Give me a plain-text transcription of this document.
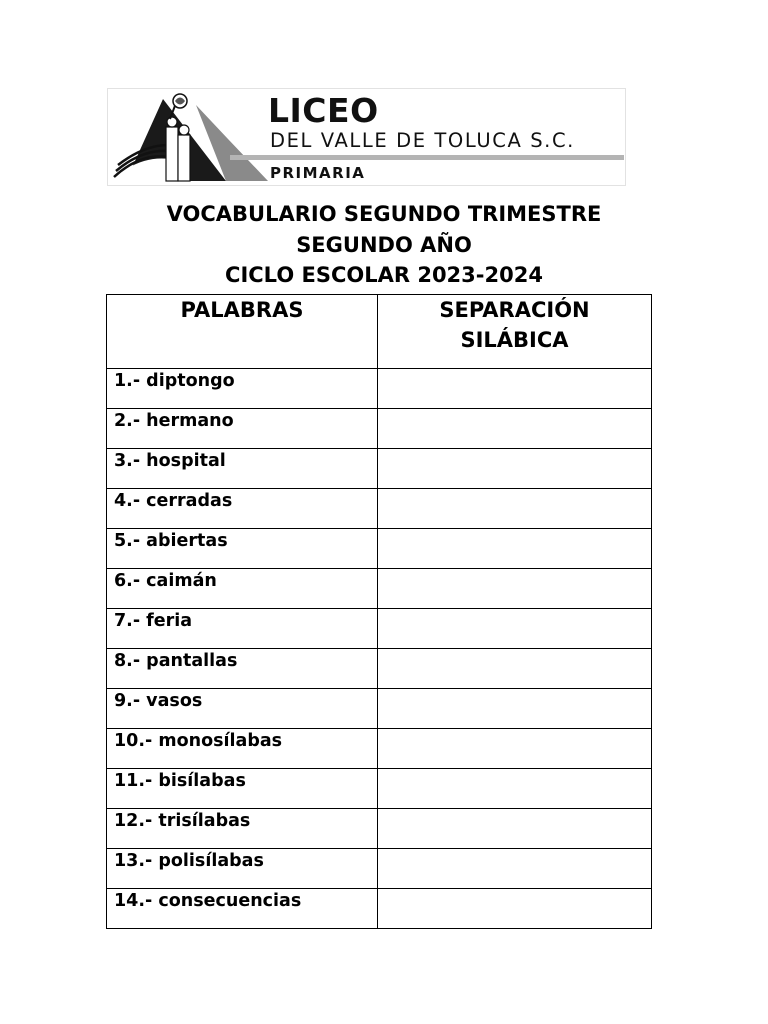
LICEO
DEL VALLE DE TOLUCA S.C.
PRIMARIA
VOCABULARIO SEGUNDO TRIMESTRE
SEGUNDO AÑO
CICLO ESCOLAR 2023-2024
PALABRAS	SEPARACIÓN
SILÁBICA

1.- diptongo	
2.- hermano	
3.- hospital	
4.- cerradas	
5.- abiertas	
6.- caimán	
7.- feria	
8.- pantallas	
9.- vasos	
10.- monosílabas	
11.- bisílabas	
12.- trisílabas	
13.- polisílabas	
14.- consecuencias	
